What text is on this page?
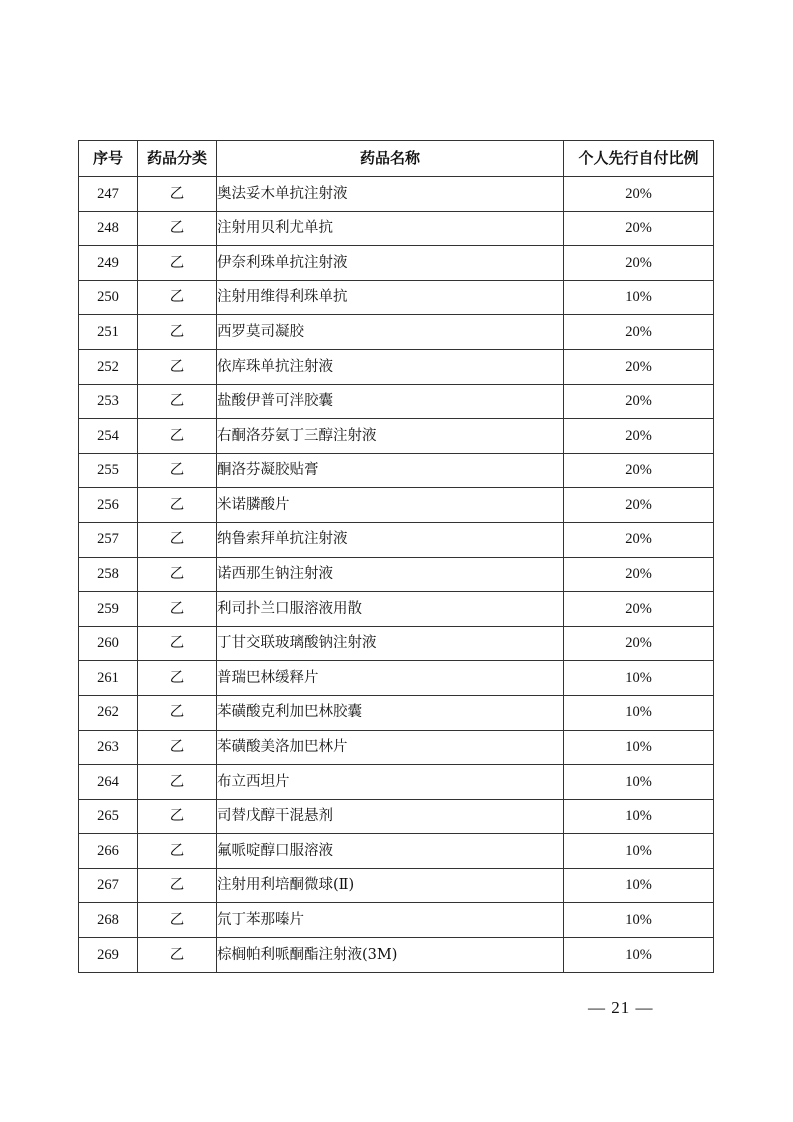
序号	药品分类	药品名称	个人先行自付比例
247	乙	奥法妥木单抗注射液	20%
248	乙	注射用贝利尤单抗	20%
249	乙	伊奈利珠单抗注射液	20%
250	乙	注射用维得利珠单抗	10%
251	乙	西罗莫司凝胶	20%
252	乙	依库珠单抗注射液	20%
253	乙	盐酸伊普可泮胶囊	20%
254	乙	右酮洛芬氨丁三醇注射液	20%
255	乙	酮洛芬凝胶贴膏	20%
256	乙	米诺膦酸片	20%
257	乙	纳鲁索拜单抗注射液	20%
258	乙	诺西那生钠注射液	20%
259	乙	利司扑兰口服溶液用散	20%
260	乙	丁甘交联玻璃酸钠注射液	20%
261	乙	普瑞巴林缓释片	10%
262	乙	苯磺酸克利加巴林胶囊	10%
263	乙	苯磺酸美洛加巴林片	10%
264	乙	布立西坦片	10%
265	乙	司替戊醇干混悬剂	10%
266	乙	氟哌啶醇口服溶液	10%
267	乙	注射用利培酮微球(Ⅱ)	10%
268	乙	氘丁苯那嗪片	10%
269	乙	棕榈帕利哌酮酯注射液(3M)	10%
— 21 —
